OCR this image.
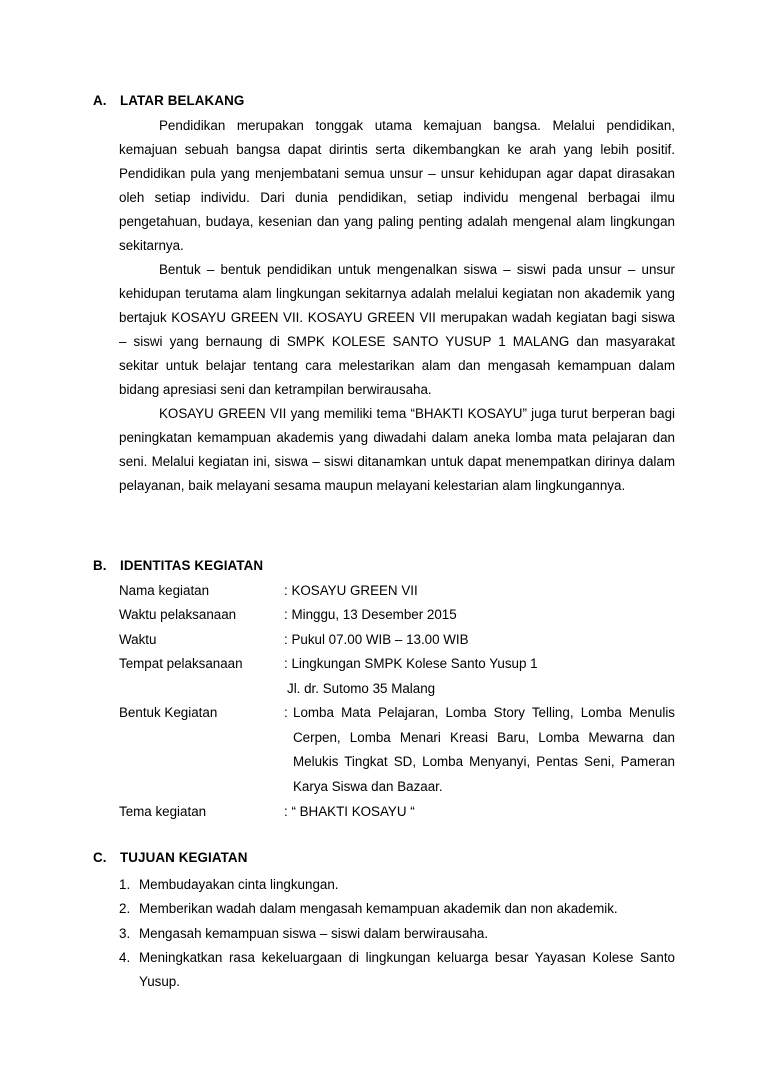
A. LATAR BELAKANG

Pendidikan merupakan tonggak utama kemajuan bangsa. Melalui pendidikan, kemajuan sebuah bangsa dapat dirintis serta dikembangkan ke arah yang lebih positif. Pendidikan pula yang menjembatani semua unsur – unsur kehidupan agar dapat dirasakan oleh setiap individu. Dari dunia pendidikan, setiap individu mengenal berbagai ilmu pengetahuan, budaya, kesenian dan yang paling penting adalah mengenal alam lingkungan sekitarnya.

Bentuk – bentuk pendidikan untuk mengenalkan siswa – siswi pada unsur – unsur kehidupan terutama alam lingkungan sekitarnya adalah melalui kegiatan non akademik yang bertajuk KOSAYU GREEN VII. KOSAYU GREEN VII merupakan wadah kegiatan bagi siswa – siswi yang bernaung di SMPK KOLESE SANTO YUSUP 1 MALANG dan masyarakat sekitar untuk belajar tentang cara melestarikan alam dan mengasah kemampuan dalam bidang apresiasi seni dan ketrampilan berwirausaha.

KOSAYU GREEN VII yang memiliki tema “BHAKTI KOSAYU” juga turut berperan bagi peningkatan kemampuan akademis yang diwadahi dalam aneka lomba mata pelajaran dan seni. Melalui kegiatan ini, siswa – siswi ditanamkan untuk dapat menempatkan dirinya dalam pelayanan, baik melayani sesama maupun melayani kelestarian alam lingkungannya.

B. IDENTITAS KEGIATAN
Nama kegiatan	: KOSAYU GREEN VII
Waktu pelaksanaan	: Minggu, 13 Desember 2015
Waktu	: Pukul 07.00 WIB – 13.00 WIB
Tempat pelaksanaan	: Lingkungan SMPK Kolese Santo Yusup 1
Jl. dr. Sutomo 35 Malang
Bentuk Kegiatan	: Lomba Mata Pelajaran, Lomba Story Telling, Lomba Menulis Cerpen, Lomba Menari Kreasi Baru, Lomba Mewarna dan Melukis Tingkat SD, Lomba Menyanyi, Pentas Seni, Pameran Karya Siswa dan Bazaar.
Tema kegiatan	: “ BHAKTI KOSAYU “
C. TUJUAN KEGIATAN
1. Membudayakan cinta lingkungan.
2. Memberikan wadah dalam mengasah kemampuan akademik dan non akademik.
3. Mengasah kemampuan siswa – siswi dalam berwirausaha.
4. Meningkatkan rasa kekeluargaan di lingkungan keluarga besar Yayasan Kolese Santo Yusup.
